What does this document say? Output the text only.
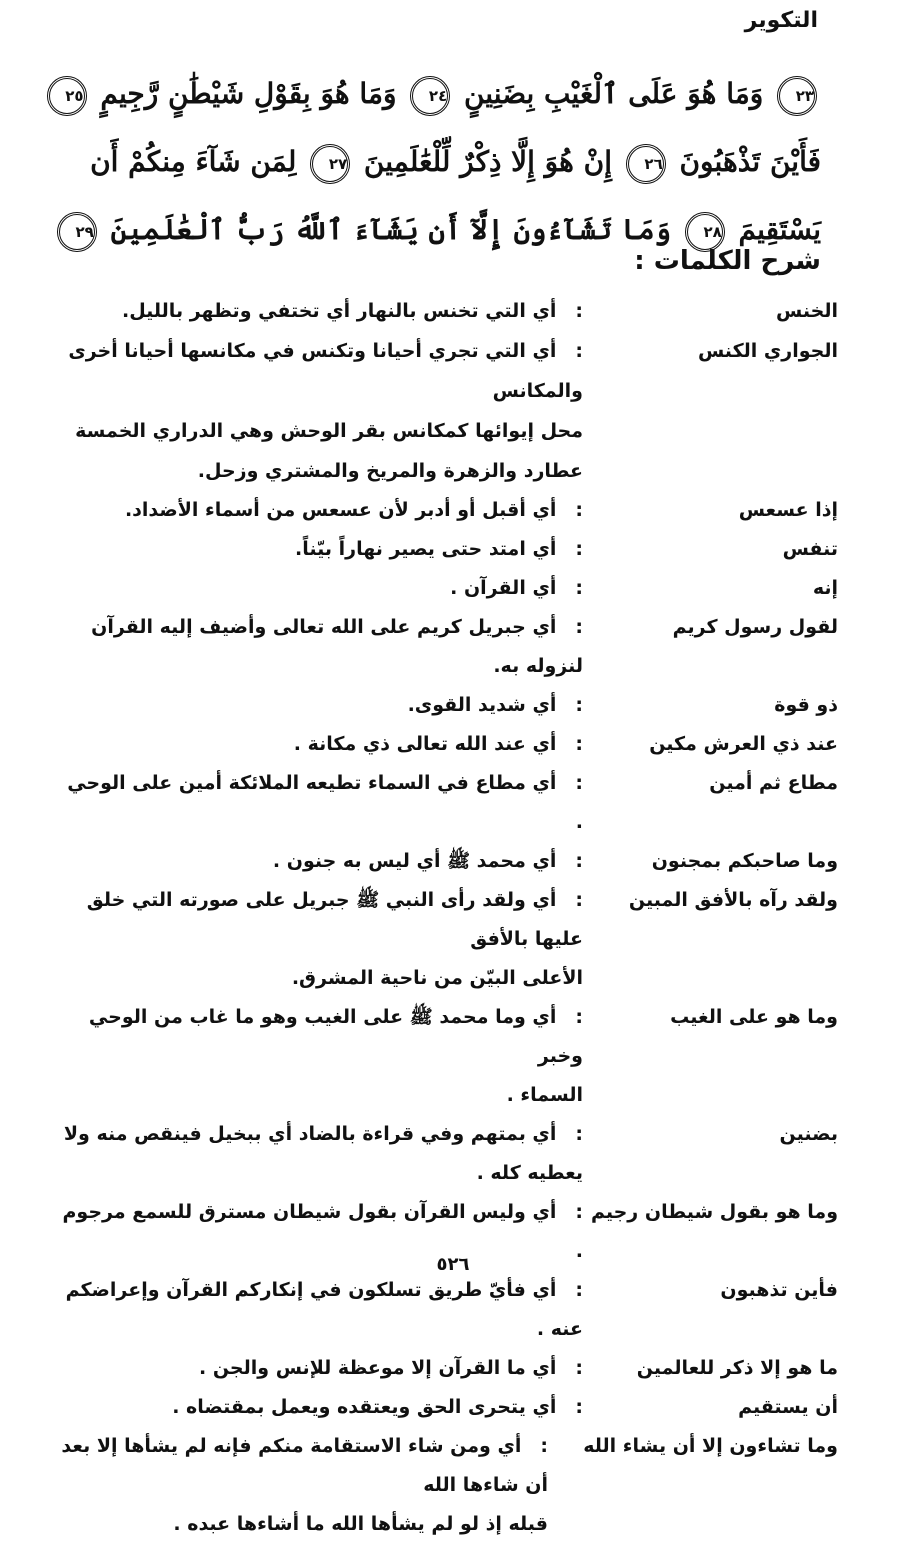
التكوير
٢٣ وَمَا هُوَ عَلَى ٱلْغَيْبِ بِضَنِينٍ ٢٤ وَمَا هُوَ بِقَوْلِ شَيْطَٰنٍ رَّجِيمٍ ٢٥
فَأَيْنَ تَذْهَبُونَ ٢٦ إِنْ هُوَ إِلَّا ذِكْرٌ لِّلْعَٰلَمِينَ ٢٧ لِمَن شَآءَ مِنكُمْ أَن
يَسْتَقِيمَ ٢٨ وَمَا تَشَآءُونَ إِلَّآ أَن يَشَآءَ ٱللَّهُ رَبُّ ٱلْعَٰلَمِينَ ٢٩
شرح الكلمات :
الخنس
: أي التي تخنس بالنهار أي تختفي وتظهر بالليل.
الجواري الكنس
: أي التي تجري أحيانا وتكنس في مكانسها أحيانا أخرى والمكانس
محل إيوائها كمكانس بقر الوحش وهي الدراري الخمسة عطارد والزهرة والمريخ والمشتري وزحل.
إذا عسعس
: أي أقبل أو أدبر لأن عسعس من أسماء الأضداد.
تنفس
: أي امتد حتى يصير نهاراً بيّناً.
إنه
: أي القرآن .
لقول رسول كريم
: أي جبريل كريم على الله تعالى وأضيف إليه القرآن لنزوله به.
ذو قوة
: أي شديد القوى.
عند ذي العرش مكين
: أي عند الله تعالى ذي مكانة .
مطاع ثم أمين
: أي مطاع في السماء تطيعه الملائكة أمين على الوحي .
وما صاحبكم بمجنون
: أي محمد ﷺ أي ليس به جنون .
ولقد رآه بالأفق المبين
: أي ولقد رأى النبي ﷺ جبريل على صورته التي خلق عليها بالأفق
الأعلى البيّن من ناحية المشرق.
وما هو على الغيب
: أي وما محمد ﷺ على الغيب وهو ما غاب من الوحي وخبر
السماء .
بضنين
: أي بمتهم وفي قراءة بالضاد أي ببخيل فينقص منه ولا يعطيه كله .
وما هو بقول شيطان رجيم
: أي وليس القرآن بقول شيطان مسترق للسمع مرجوم .
فأين تذهبون
: أي فأيّ طريق تسلكون في إنكاركم القرآن وإعراضكم عنه .
ما هو إلا ذكر للعالمين
: أي ما القرآن إلا موعظة للإنس والجن .
أن يستقيم
: أي يتحرى الحق ويعتقده ويعمل بمقتضاه .
وما تشاءون إلا أن يشاء الله
: أي ومن شاء الاستقامة منكم فإنه لم يشأها إلا بعد أن شاءها الله
قبله إذ لو لم يشأها الله ما أشاءها عبده .
٥٢٦
